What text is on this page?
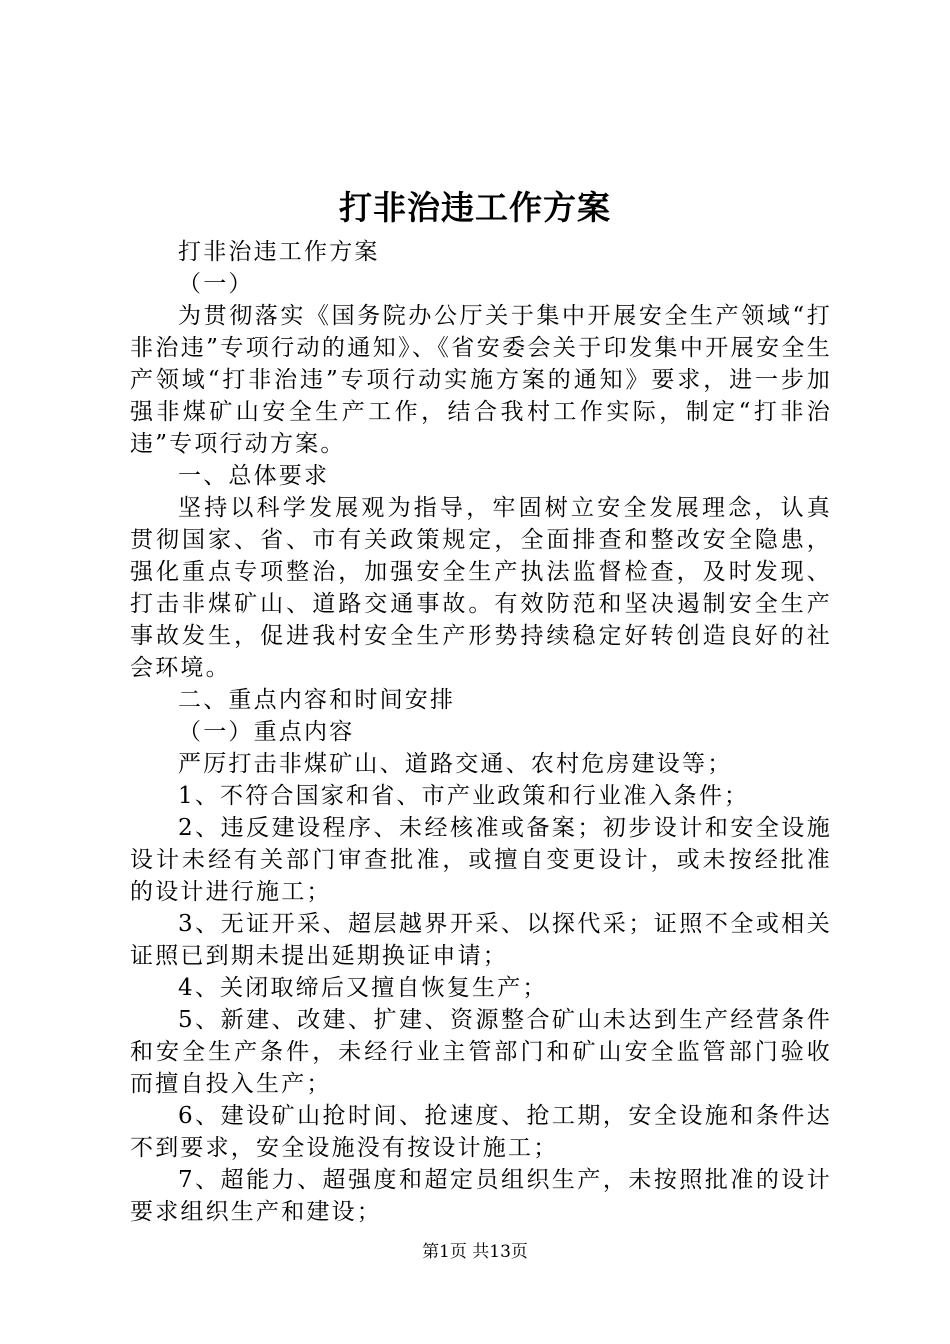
打非治违工作方案

打非治违工作方案

（一）

为贯彻落实《国务院办公厅关于集中开展安全生产领域“打非治违”专项行动的通知》、《省安委会关于印发集中开展安全生产领域“打非治违”专项行动实施方案的通知》要求，进一步加强非煤矿山安全生产工作，结合我村工作实际，制定“打非治违”专项行动方案。

一、总体要求

坚持以科学发展观为指导，牢固树立安全发展理念，认真贯彻国家、省、市有关政策规定，全面排查和整改安全隐患，强化重点专项整治，加强安全生产执法监督检查，及时发现、打击非煤矿山、道路交通事故。有效防范和坚决遏制安全生产事故发生，促进我村安全生产形势持续稳定好转创造良好的社会环境。

二、重点内容和时间安排

（一）重点内容

严厉打击非煤矿山、道路交通、农村危房建设等；

1、不符合国家和省、市产业政策和行业准入条件；

2、违反建设程序、未经核准或备案；初步设计和安全设施设计未经有关部门审查批准，或擅自变更设计，或未按经批准的设计进行施工；

3、无证开采、超层越界开采、以探代采；证照不全或相关证照已到期未提出延期换证申请；

4、关闭取缔后又擅自恢复生产；

5、新建、改建、扩建、资源整合矿山未达到生产经营条件和安全生产条件，未经行业主管部门和矿山安全监管部门验收而擅自投入生产；

6、建设矿山抢时间、抢速度、抢工期，安全设施和条件达不到要求，安全设施没有按设计施工；

7、超能力、超强度和超定员组织生产，未按照批准的设计要求组织生产和建设；

第1页 共13页
